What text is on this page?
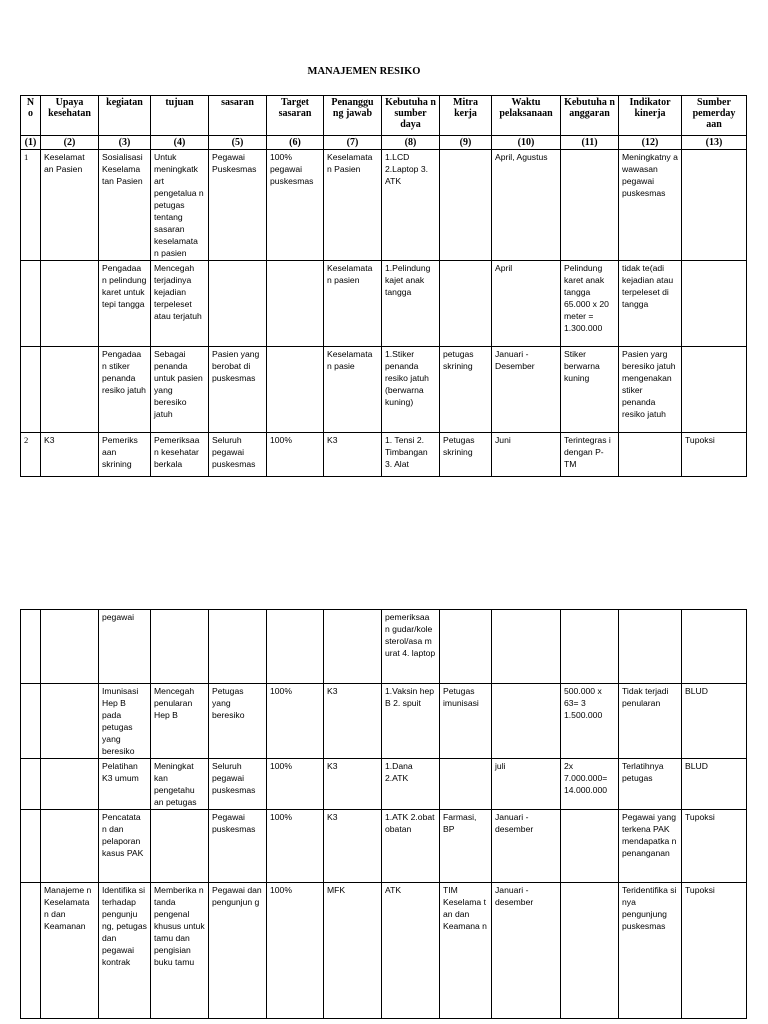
MANAJEMEN RESIKO
N o	Upaya kesehatan	kegiatan	tujuan	sasaran	Target sasaran	Penanggu ng jawab	Kebutuha n sumber daya	Mitra kerja	Waktu pelaksanaan	Kebutuha n anggaran	Indikator kinerja	Sumber pemerday aan
(1)	(2)	(3)	(4)	(5)	(6)	(7)	(8)	(9)	(10)	(11)	(12)	(13)
1	Keselamat an Pasien	Sosialisasi Keselama tan Pasien	Untuk meningkatk art pengetalua n petugas tentang sasaran keselamata n pasien	Pegawai Puskesmas	100% pegawai puskesmas	Keselamata n Pasien	1.LCD 2.Laptop 3. ATK		April, Agustus		Meningkatny a wawasan pegawai puskesmas	
		Pengadaa n pelindung karet untuk tepi tangga	Mencegah terjadinya kejadian terpeleset atau terjatuh			Keselamata n pasien	1.Pelindung kajet anak tangga		April	Pelindung karet anak tangga 65.000 x 20 meter = 1.300.000	tidak te(adi kejadian atau terpeleset di tangga	
		Pengadaa n stiker penanda resiko jatuh	Sebagai penanda untuk pasien yang beresiko jatuh	Pasien yang berobat di puskesmas		Keselamata n pasie	1.Stiker penanda resiko jatuh (berwarna kuning)	petugas skrining	Januari - Desember	Stiker berwarna kuning	Pasien yarg beresiko jatuh mengenakan stiker penanda resiko jatuh	
2	K3	Pemeriks aan skrining	Pemeriksaa n kesehatar berkala	Seluruh pegawai puskesmas	100%	K3	1. Tensi 2. Timbangan 3. Alat	Petugas skrining	Juni	Terintegras i dengan P-TM		Tupoksi
		pegawai					pemeriksaa n gudar/kole sterol/asa m urat 4. laptop					
		Imunisasi Hep B pada petugas yang beresiko	Mencegah penularan Hep B	Petugas yang beresiko	100%	K3	1.Vaksin hep B 2. spuit	Petugas imunisasi		500.000 x 63= 3 1.500.000	Tidak terjadi penularan	BLUD
		Pelatihan K3 umum	Meningkat kan pengetahu an petugas	Seluruh pegawai puskesmas	100%	K3	1.Dana 2.ATK		juli	2x 7.000.000= 14.000.000	Terlatihnya petugas	BLUD
		Pencatata n dan pelaporan kasus PAK		Pegawai puskesmas	100%	K3	1.ATK 2.obat obatan	Farmasi, BP	Januari - desember		Pegawai yang terkena PAK mendapatka n penanganan	Tupoksi
	Manajeme n Keselamata n dan Keamanan	Identifika si terhadap pengunju ng, petugas dan pegawai kontrak	Memberika n tanda pengenal khusus untuk tamu dan pengisian buku tamu	Pegawai dan pengunjun g	100%	MFK	ATK	TIM Keselama t an dan Keamana n	Januari - desember		Teridentifika si nya pengunjung puskesmas	Tupoksi
